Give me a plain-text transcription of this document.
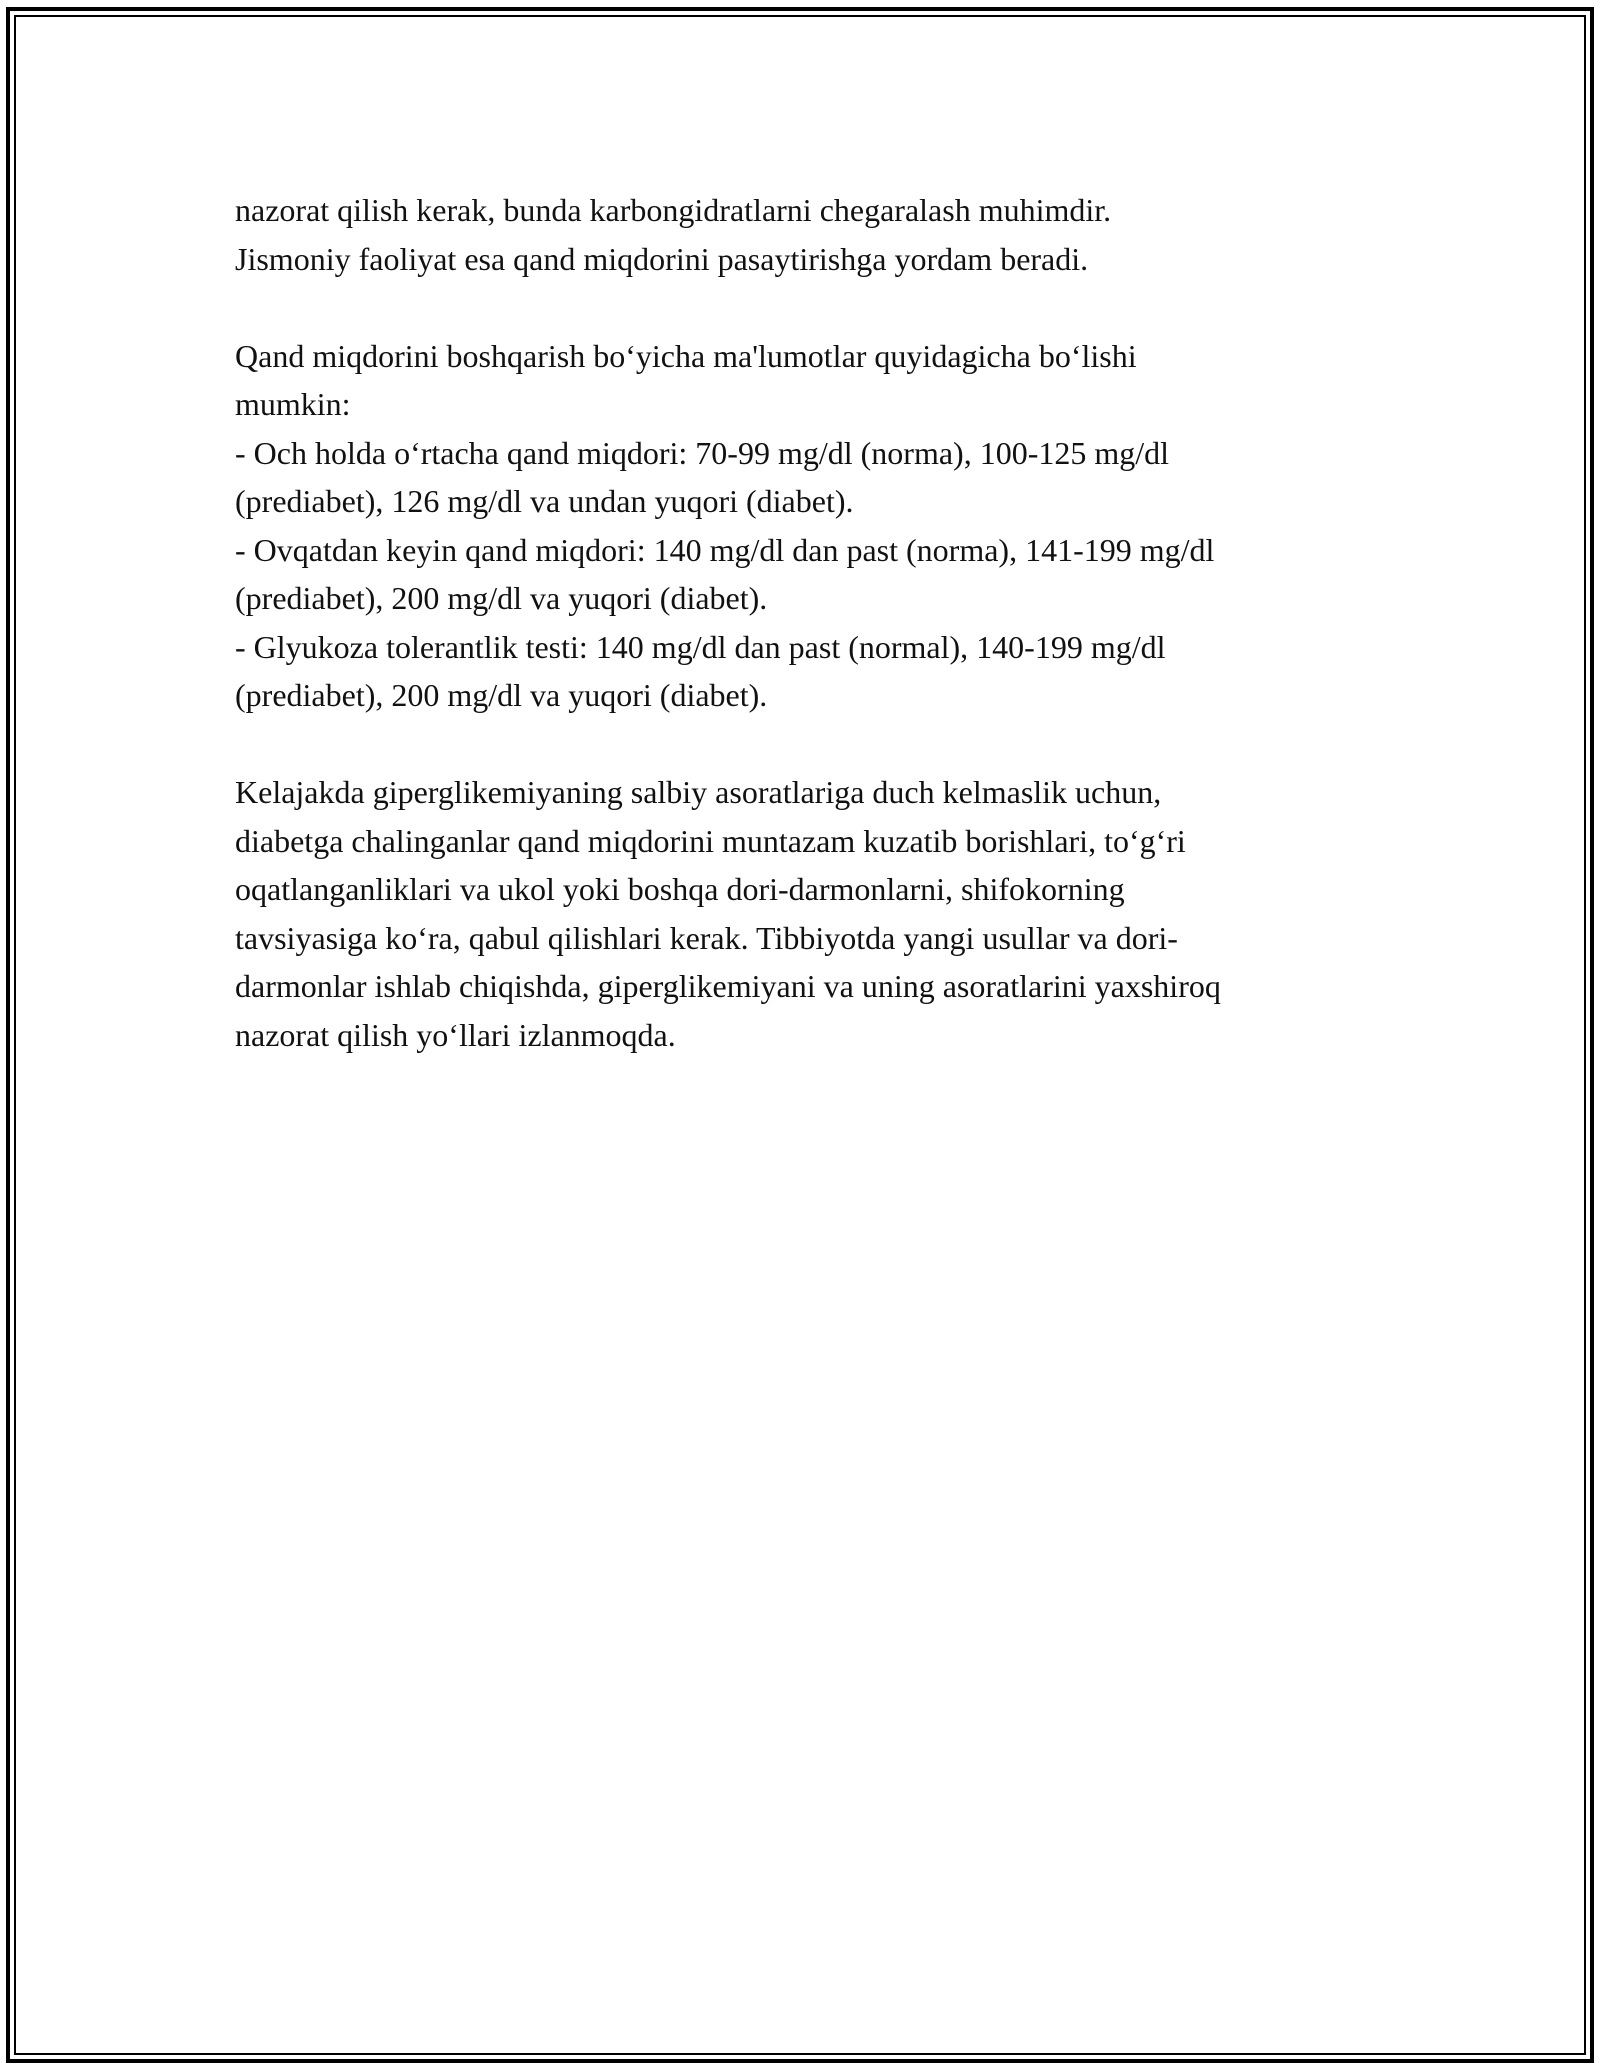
nazorat qilish kerak, bunda karbongidratlarni chegaralash muhimdir.
Jismoniy faoliyat esa qand miqdorini pasaytirishga yordam beradi.
Qand miqdorini boshqarish bo‘yicha ma'lumotlar quyidagicha bo‘lishi
mumkin:
- Och holda o‘rtacha qand miqdori: 70-99 mg/dl (norma), 100-125 mg/dl
(prediabet), 126 mg/dl va undan yuqori (diabet).
- Ovqatdan keyin qand miqdori: 140 mg/dl dan past (norma), 141-199 mg/dl
(prediabet), 200 mg/dl va yuqori (diabet).
- Glyukoza tolerantlik testi: 140 mg/dl dan past (normal), 140-199 mg/dl
(prediabet), 200 mg/dl va yuqori (diabet).
Kelajakda giperglikemiyaning salbiy asoratlariga duch kelmaslik uchun,
diabetga chalinganlar qand miqdorini muntazam kuzatib borishlari, to‘g‘ri
oqatlanganliklari va ukol yoki boshqa dori-darmonlarni, shifokorning
tavsiyasiga ko‘ra, qabul qilishlari kerak. Tibbiyotda yangi usullar va dori-
darmonlar ishlab chiqishda, giperglikemiyani va uning asoratlarini yaxshiroq
nazorat qilish yo‘llari izlanmoqda.
